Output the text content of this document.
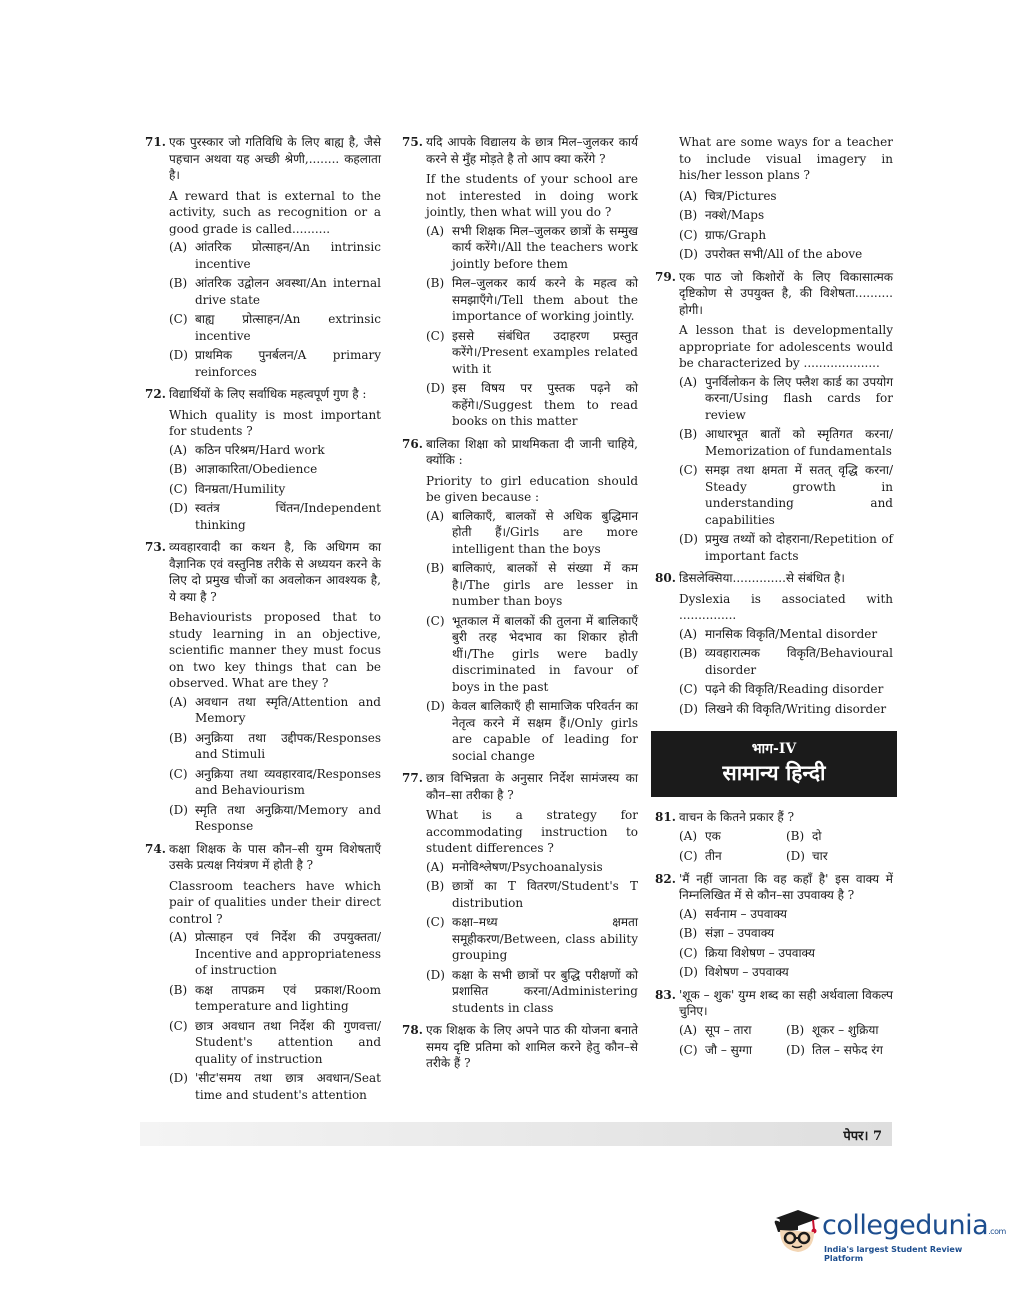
71. एक पुरस्कार जो गतिविधि के लिए बाह्य है, जैसे पहचान अथवा यह अच्छी श्रेणी,........ कहलाता है।
A reward that is external to the activity, such as recognition or a good grade is called..........
(A) आंतरिक प्रोत्साहन/An intrinsic incentive
(B) आंतरिक उद्वोलन अवस्था/An internal drive state
(C) बाह्य प्रोत्साहन/An extrinsic incentive
(D) प्राथमिक पुनर्बलन/A primary reinforces
72. विद्यार्थियों के लिए सर्वाधिक महत्वपूर्ण गुण है :
Which quality is most important for students ?
(A) कठिन परिश्रम/Hard work
(B) आज्ञाकारिता/Obedience
(C) विनम्रता/Humility
(D) स्वतंत्र चिंतन/Independent thinking
73. व्यवहारवादी का कथन है, कि अधिगम का वैज्ञानिक एवं वस्तुनिष्ठ तरीके से अध्ययन करने के लिए दो प्रमुख चीजों का अवलोकन आवश्यक है, ये क्या है ?
Behaviourists proposed that to study learning in an objective, scientific manner they must focus on two key things that can be observed. What are they ?
(A) अवधान तथा स्मृति/Attention and Memory
(B) अनुक्रिया तथा उद्दीपक/Responses and Stimuli
(C) अनुक्रिया तथा व्यवहारवाद/Responses and Behaviourism
(D) स्मृति तथा अनुक्रिया/Memory and Response
74. कक्षा शिक्षक के पास कौन–सी युग्म विशेषताएँ उसके प्रत्यक्ष नियंत्रण में होती है ?
Classroom teachers have which pair of qualities under their direct control ?
(A) प्रोत्साहन एवं निर्देश की उपयुक्तता/ Incentive and appropriateness of instruction
(B) कक्ष तापक्रम एवं प्रकाश/Room temperature and lighting
(C) छात्र अवधान तथा निर्देश की गुणवत्ता/ Student's attention and quality of instruction
(D) 'सीट'समय तथा छात्र अवधान/Seat time and student's attention
75. यदि आपके विद्यालय के छात्र मिल–जुलकर कार्य करने से मुँह मोड़ते है तो आप क्या करेंगे ?
If the students of your school are not interested in doing work jointly, then what will you do ?
(A) सभी शिक्षक मिल–जुलकर छात्रों के सम्मुख कार्य करेंगे।/All the teachers work jointly before them
(B) मिल–जुलकर कार्य करने के महत्व को समझाएँगे।/Tell them about the importance of working jointly.
(C) इससे संबंधित उदाहरण प्रस्तुत करेंगे।/Present examples related with it
(D) इस विषय पर पुस्तक पढ़ने को कहेंगे।/Suggest them to read books on this matter
76. बालिका शिक्षा को प्राथमिकता दी जानी चाहिये, क्योंकि :
Priority to girl education should be given because :
(A) बालिकाएँ, बालकों से अधिक बुद्धिमान होती हैं।/Girls are more intelligent than the boys
(B) बालिकाएं, बालकों से संख्या में कम है।/The girls are lesser in number than boys
(C) भूतकाल में बालकों की तुलना में बालिकाएँ बुरी तरह भेदभाव का शिकार होती थीं।/The girls were badly discriminated in favour of boys in the past
(D) केवल बालिकाएँ ही सामाजिक परिवर्तन का नेतृत्व करने में सक्षम हैं।/Only girls are capable of leading for social change
77. छात्र विभिन्नता के अनुसार निर्देश सामंजस्य का कौन–सा तरीका है ?
What is a strategy for accommodating instruction to student differences ?
(A) मनोविश्लेषण/Psychoanalysis
(B) छात्रों का T वितरण/Student's T distribution
(C) कक्षा–मध्य क्षमता समूहीकरण/Between, class ability grouping
(D) कक्षा के सभी छात्रों पर बुद्धि परीक्षणों को प्रशासित करना/Administering students in class
78. एक शिक्षक के लिए अपने पाठ की योजना बनाते समय दृष्टि प्रतिमा को शामिल करने हेतु कौन–से तरीके हैं ?
What are some ways for a teacher to include visual imagery in his/her lesson plans ?
(A) चित्र/Pictures
(B) नक्शे/Maps
(C) ग्राफ/Graph
(D) उपरोक्त सभी/All of the above
79. एक पाठ जो किशोरों के लिए विकासात्मक दृष्टिकोण से उपयुक्त है, की विशेषता.......... होगी।
A lesson that is developmentally appropriate for adolescents would be characterized by ....................
(A) पुनर्विलोकन के लिए फ्लैश कार्ड का उपयोग करना/Using flash cards for review
(B) आधारभूत बातों को स्मृतिगत करना/ Memorization of fundamentals
(C) समझ तथा क्षमता में सतत् वृद्धि करना/ Steady growth in understanding and capabilities
(D) प्रमुख तथ्यों को दोहराना/Repetition of important facts
80. डिसलेक्सिया..............से संबंधित है।
Dyslexia is associated with ...............
(A) मानसिक विकृति/Mental disorder
(B) व्यवहारात्मक विकृति/Behavioural disorder
(C) पढ़ने की विकृति/Reading disorder
(D) लिखने की विकृति/Writing disorder
भाग-IV
सामान्य हिन्दी
81. वाचन के कितने प्रकार हैं ?
(A) एक	(B) दो
(C) तीन	(D) चार
82. 'मैं नहीं जानता कि वह कहाँ है' इस वाक्य में निम्नलिखित में से कौन–सा उपवाक्य है ?
(A) सर्वनाम – उपवाक्य
(B) संज्ञा – उपवाक्य
(C) क्रिया विशेषण – उपवाक्य
(D) विशेषण – उपवाक्य
83. 'शूक – शुक' युग्म शब्द का सही अर्थवाला विकल्प चुनिए।
(A) सूप – तारा	(B) शूकर – शुक्रिया
(C) जौ – सुग्गा	(D) तिल – सफेद रंग
पेपर। 7
collegedunia.com
India's largest Student Review Platform
